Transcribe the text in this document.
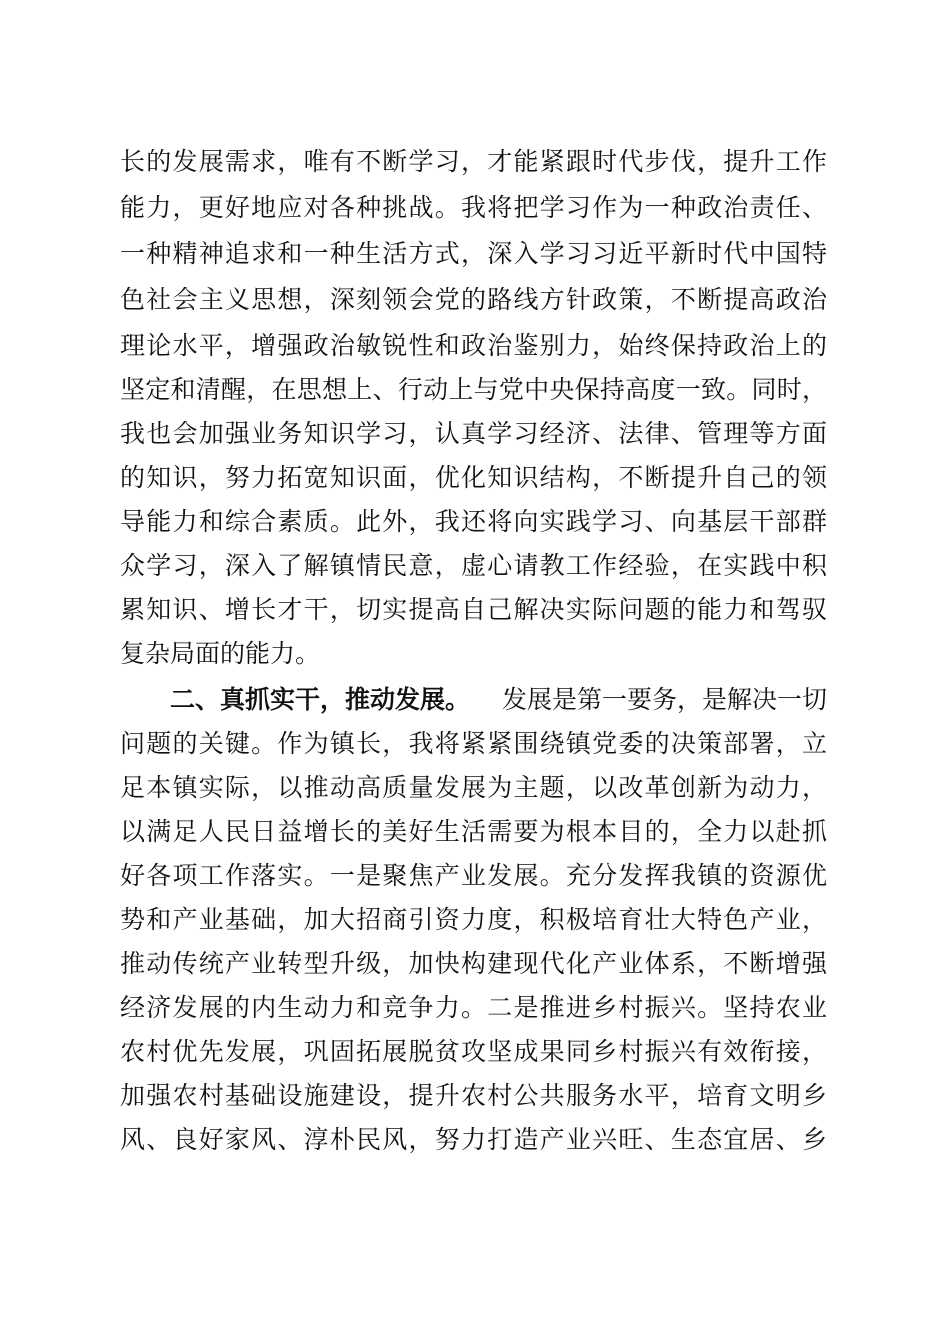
长的发展需求，唯有不断学习，才能紧跟时代步伐，提升工作
能力，更好地应对各种挑战。我将把学习作为一种政治责任、
一种精神追求和一种生活方式，深入学习习近平新时代中国特
色社会主义思想，深刻领会党的路线方针政策，不断提高政治
理论水平，增强政治敏锐性和政治鉴别力，始终保持政治上的
坚定和清醒，在思想上、行动上与党中央保持高度一致。同时，
我也会加强业务知识学习，认真学习经济、法律、管理等方面
的知识，努力拓宽知识面，优化知识结构，不断提升自己的领
导能力和综合素质。此外，我还将向实践学习、向基层干部群
众学习，深入了解镇情民意，虚心请教工作经验，在实践中积
累知识、增长才干，切实提高自己解决实际问题的能力和驾驭
复杂局面的能力。
二、真抓实干，推动发展。 发展是第一要务，是解决一切
问题的关键。作为镇长，我将紧紧围绕镇党委的决策部署，立
足本镇实际，以推动高质量发展为主题，以改革创新为动力，
以满足人民日益增长的美好生活需要为根本目的，全力以赴抓
好各项工作落实。一是聚焦产业发展。充分发挥我镇的资源优
势和产业基础，加大招商引资力度，积极培育壮大特色产业，
推动传统产业转型升级，加快构建现代化产业体系，不断增强
经济发展的内生动力和竞争力。二是推进乡村振兴。坚持农业
农村优先发展，巩固拓展脱贫攻坚成果同乡村振兴有效衔接，
加强农村基础设施建设，提升农村公共服务水平，培育文明乡
风、良好家风、淳朴民风，努力打造产业兴旺、生态宜居、乡
